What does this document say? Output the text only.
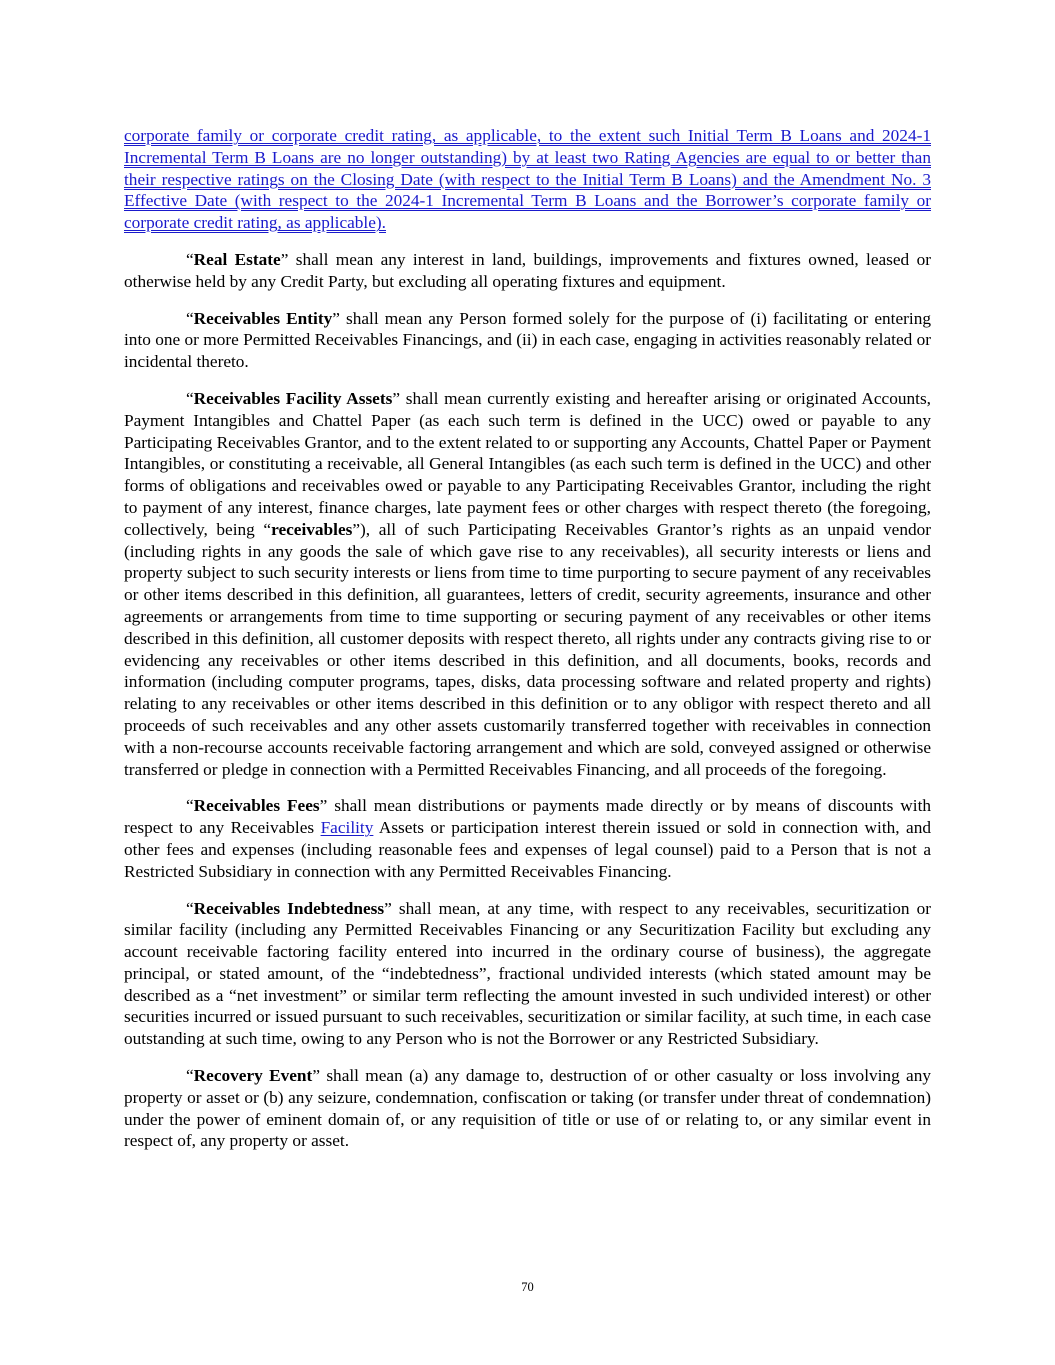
corporate family or corporate credit rating, as applicable, to the extent such Initial Term B Loans and 2024-1 Incremental Term B Loans are no longer outstanding) by at least two Rating Agencies are equal to or better than their respective ratings on the Closing Date (with respect to the Initial Term B Loans) and the Amendment No. 3 Effective Date (with respect to the 2024-1 Incremental Term B Loans and the Borrower’s corporate family or corporate credit rating, as applicable).

“Real Estate” shall mean any interest in land, buildings, improvements and fixtures owned, leased or otherwise held by any Credit Party, but excluding all operating fixtures and equipment.

“Receivables Entity” shall mean any Person formed solely for the purpose of (i) facilitating or entering into one or more Permitted Receivables Financings, and (ii) in each case, engaging in activities reasonably related or incidental thereto.

“Receivables Facility Assets” shall mean currently existing and hereafter arising or originated Accounts, Payment Intangibles and Chattel Paper (as each such term is defined in the UCC) owed or payable to any Participating Receivables Grantor, and to the extent related to or supporting any Accounts, Chattel Paper or Payment Intangibles, or constituting a receivable, all General Intangibles (as each such term is defined in the UCC) and other forms of obligations and receivables owed or payable to any Participating Receivables Grantor, including the right to payment of any interest, finance charges, late payment fees or other charges with respect thereto (the foregoing, collectively, being “receivables”), all of such Participating Receivables Grantor’s rights as an unpaid vendor (including rights in any goods the sale of which gave rise to any receivables), all security interests or liens and property subject to such security interests or liens from time to time purporting to secure payment of any receivables or other items described in this definition, all guarantees, letters of credit, security agreements, insurance and other agreements or arrangements from time to time supporting or securing payment of any receivables or other items described in this definition, all customer deposits with respect thereto, all rights under any contracts giving rise to or evidencing any receivables or other items described in this definition, and all documents, books, records and information (including computer programs, tapes, disks, data processing software and related property and rights) relating to any receivables or other items described in this definition or to any obligor with respect thereto and all proceeds of such receivables and any other assets customarily transferred together with receivables in connection with a non-recourse accounts receivable factoring arrangement and which are sold, conveyed assigned or otherwise transferred or pledge in connection with a Permitted Receivables Financing, and all proceeds of the foregoing.

“Receivables Fees” shall mean distributions or payments made directly or by means of discounts with respect to any Receivables Facility Assets or participation interest therein issued or sold in connection with, and other fees and expenses (including reasonable fees and expenses of legal counsel) paid to a Person that is not a Restricted Subsidiary in connection with any Permitted Receivables Financing.

“Receivables Indebtedness” shall mean, at any time, with respect to any receivables, securitization or similar facility (including any Permitted Receivables Financing or any Securitization Facility but excluding any account receivable factoring facility entered into incurred in the ordinary course of business), the aggregate principal, or stated amount, of the “indebtedness”, fractional undivided interests (which stated amount may be described as a “net investment” or similar term reflecting the amount invested in such undivided interest) or other securities incurred or issued pursuant to such receivables, securitization or similar facility, at such time, in each case outstanding at such time, owing to any Person who is not the Borrower or any Restricted Subsidiary.

“Recovery Event” shall mean (a) any damage to, destruction of or other casualty or loss involving any property or asset or (b) any seizure, condemnation, confiscation or taking (or transfer under threat of condemnation) under the power of eminent domain of, or any requisition of title or use of or relating to, or any similar event in respect of, any property or asset.

70
